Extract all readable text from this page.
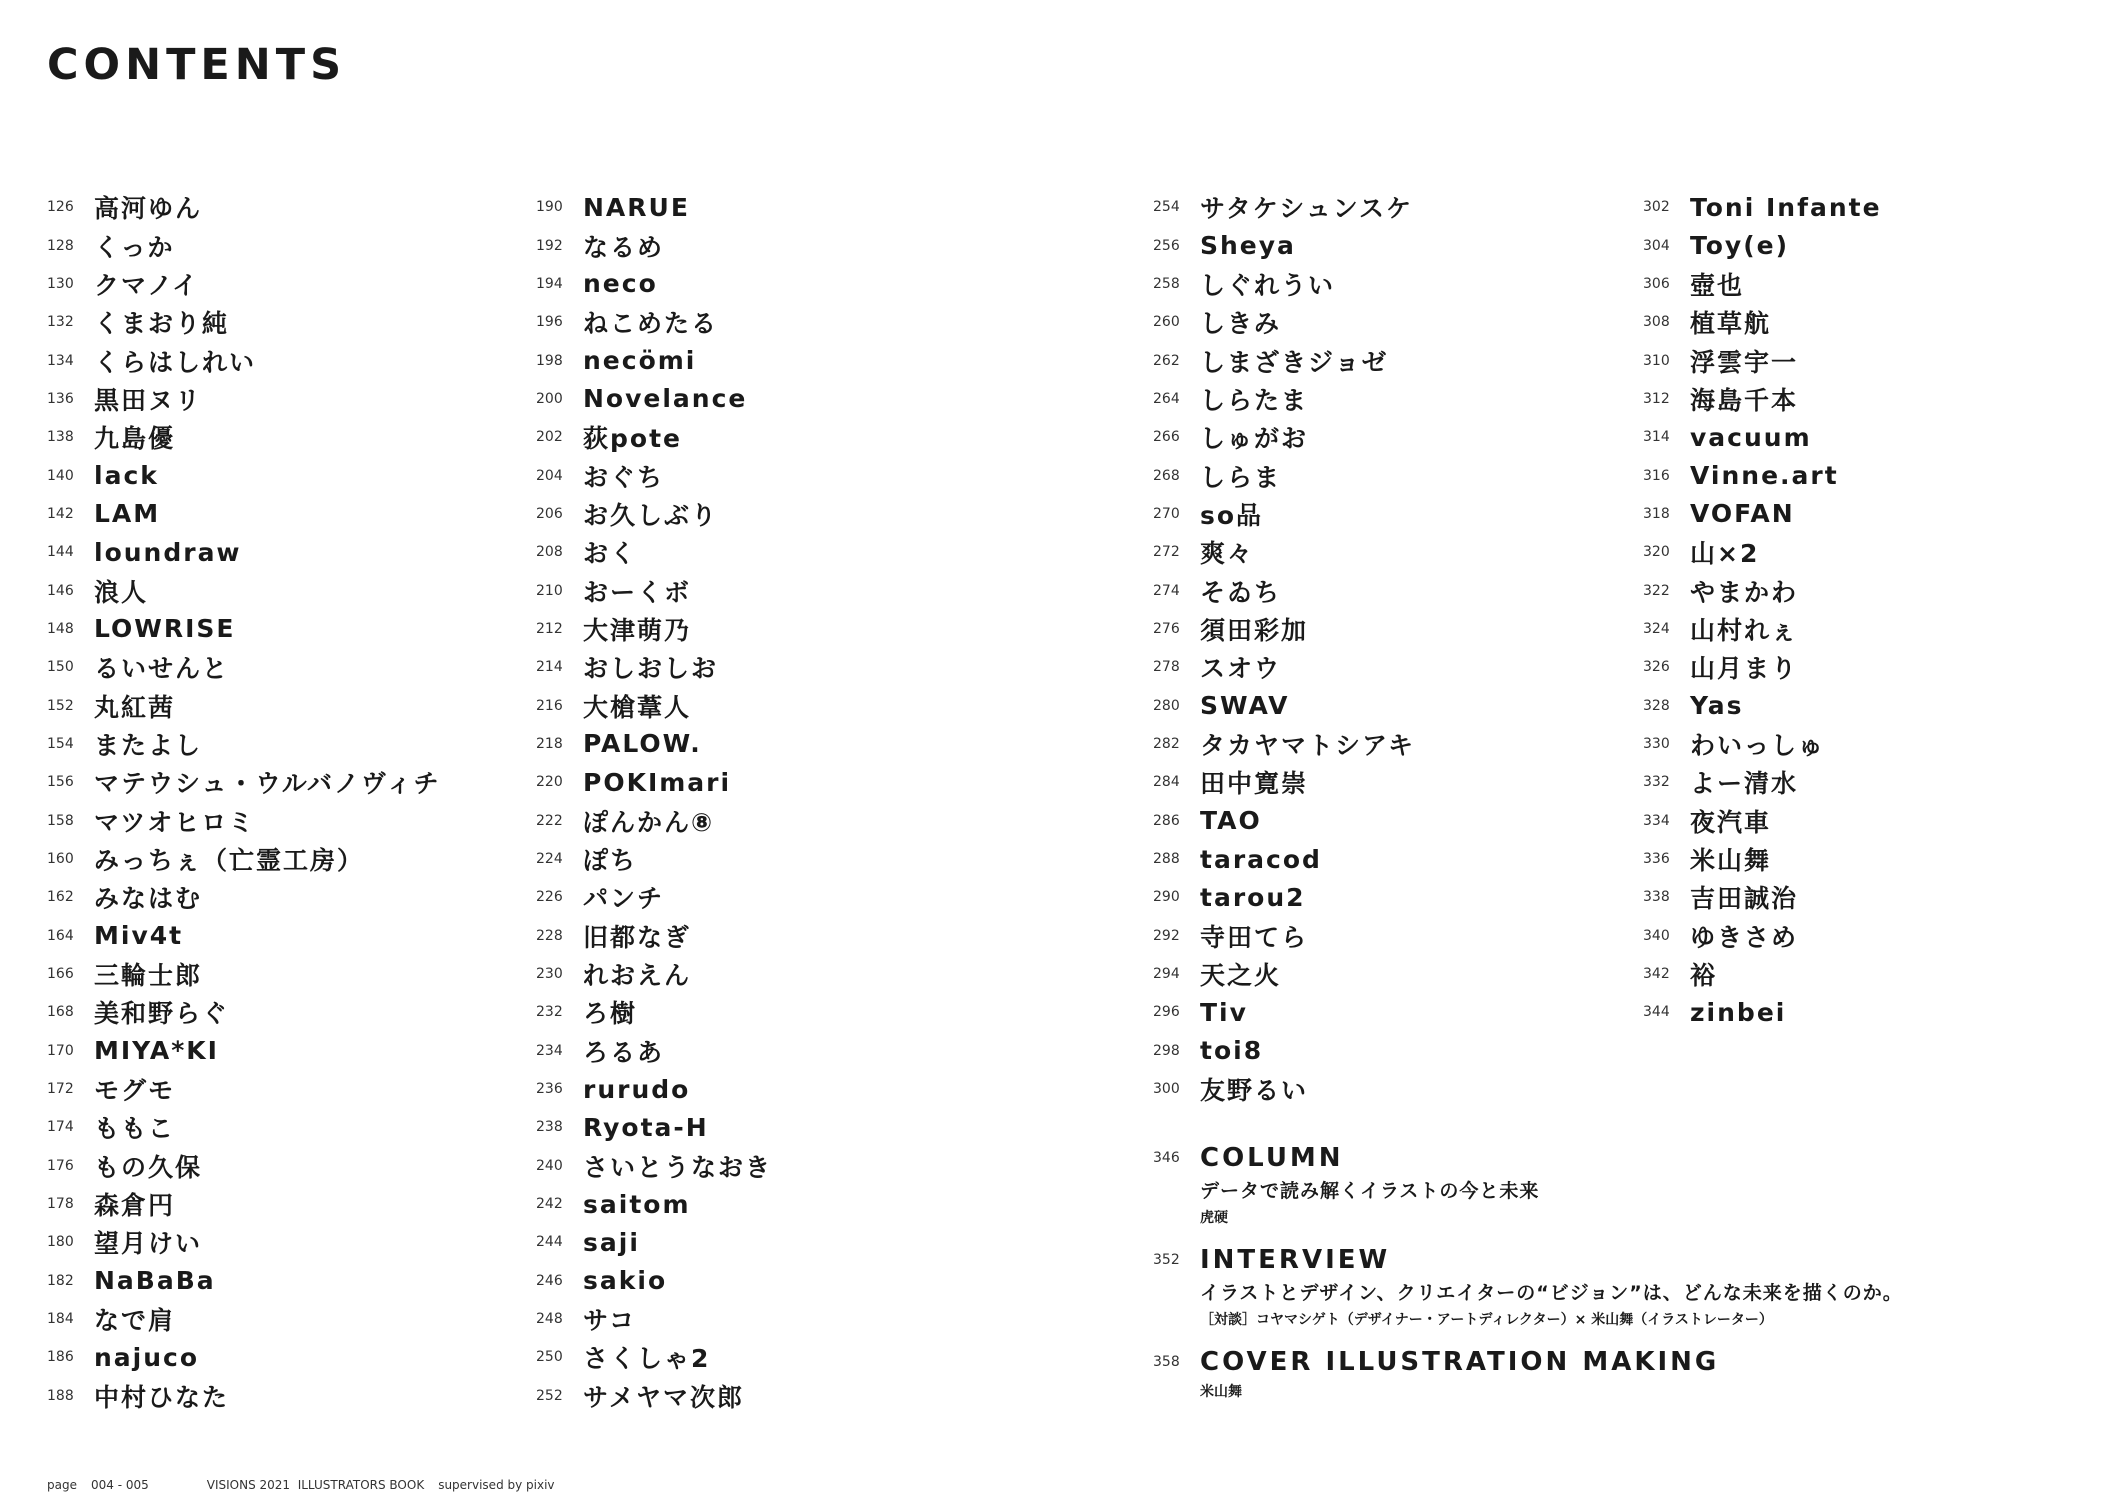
CONTENTS
126 高河ゆん
128 くっか
130 クマノイ
132 くまおり純
134 くらはしれい
136 黒田ヌリ
138 九島優
140 lack
142 LAM
144 loundraw
146 浪人
148 LOWRISE
150 るいせんと
152 丸紅茜
154 またよし
156 マテウシュ・ウルバノヴィチ
158 マツオヒロミ
160 みっちぇ（亡霊工房）
162 みなはむ
164 Miv4t
166 三輪士郎
168 美和野らぐ
170 MIYA*KI
172 モグモ
174 ももこ
176 もの久保
178 森倉円
180 望月けい
182 NaBaBa
184 なで肩
186 najuco
188 中村ひなた
190 NARUE
192 なるめ
194 neco
196 ねこめたる
198 necömi
200 Novelance
202 荻pote
204 おぐち
206 お久しぶり
208 おく
210 おーくボ
212 大津萌乃
214 おしおしお
216 大槍葦人
218 PALOW.
220 POKImari
222 ぽんかん⑧
224 ぽち
226 パンチ
228 旧都なぎ
230 れおえん
232 ろ樹
234 ろるあ
236 rurudo
238 Ryota-H
240 さいとうなおき
242 saitom
244 saji
246 sakio
248 サコ
250 さくしゃ2
252 サメヤマ次郎
254 サタケシュンスケ
256 Sheya
258 しぐれうい
260 しきみ
262 しまざきジョゼ
264 しらたま
266 しゅがお
268 しらま
270 so品
272 爽々
274 そゐち
276 須田彩加
278 スオウ
280 SWAV
282 タカヤマトシアキ
284 田中寛崇
286 TAO
288 taracod
290 tarou2
292 寺田てら
294 天之火
296 Tiv
298 toi8
300 友野るい
302 Toni Infante
304 Toy(e)
306 壺也
308 植草航
310 浮雲宇一
312 海島千本
314 vacuum
316 Vinne.art
318 VOFAN
320 山×2
322 やまかわ
324 山村れぇ
326 山月まり
328 Yas
330 わいっしゅ
332 よー清水
334 夜汽車
336 米山舞
338 吉田誠治
340 ゆきさめ
342 裕
344 zinbei
346 COLUMN
データで読み解くイラストの今と未来
虎硬
352 INTERVIEW
イラストとデザイン、クリエイターの“ビジョン”は、どんな未来を描くのか。
［対談］コヤマシゲト（デザイナー・アートディレクター）× 米山舞（イラストレーター）
358 COVER ILLUSTRATION MAKING
米山舞
page 004 - 005	VISIONS 2021  ILLUSTRATORS BOOK supervised by pixiv
